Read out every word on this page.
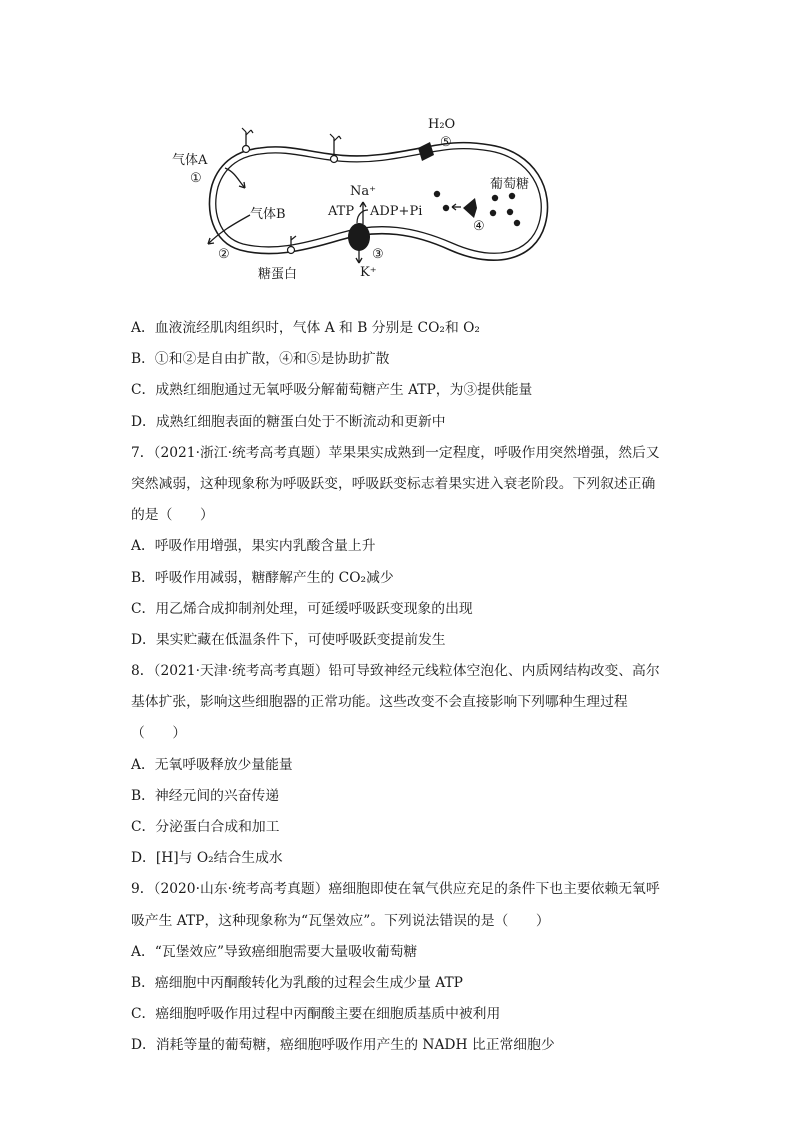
气体A
①
气体B
②
糖蛋白
H₂O
⑤
葡萄糖
④
Na⁺
ATP ADP+Pi
③
K⁺
A．血液流经肌肉组织时，气体 A 和 B 分别是 CO₂和 O₂
B．①和②是自由扩散，④和⑤是协助扩散
C．成熟红细胞通过无氧呼吸分解葡萄糖产生 ATP，为③提供能量
D．成熟红细胞表面的糖蛋白处于不断流动和更新中
7．（2021·浙江·统考高考真题）苹果果实成熟到一定程度，呼吸作用突然增强，然后又
突然减弱，这种现象称为呼吸跃变，呼吸跃变标志着果实进入衰老阶段。下列叙述正确
的是（　　）
A．呼吸作用增强，果实内乳酸含量上升
B．呼吸作用减弱，糖酵解产生的 CO₂减少
C．用乙烯合成抑制剂处理，可延缓呼吸跃变现象的出现
D．果实贮藏在低温条件下，可使呼吸跃变提前发生
8．（2021·天津·统考高考真题）铅可导致神经元线粒体空泡化、内质网结构改变、高尔
基体扩张，影响这些细胞器的正常功能。这些改变不会直接影响下列哪种生理过程
（　　）
A．无氧呼吸释放少量能量
B．神经元间的兴奋传递
C．分泌蛋白合成和加工
D．[H]与 O₂结合生成水
9．（2020·山东·统考高考真题）癌细胞即使在氧气供应充足的条件下也主要依赖无氧呼
吸产生 ATP，这种现象称为“瓦堡效应”。下列说法错误的是（　　）
A．“瓦堡效应”导致癌细胞需要大量吸收葡萄糖
B．癌细胞中丙酮酸转化为乳酸的过程会生成少量 ATP
C．癌细胞呼吸作用过程中丙酮酸主要在细胞质基质中被利用
D．消耗等量的葡萄糖，癌细胞呼吸作用产生的 NADH 比正常细胞少
